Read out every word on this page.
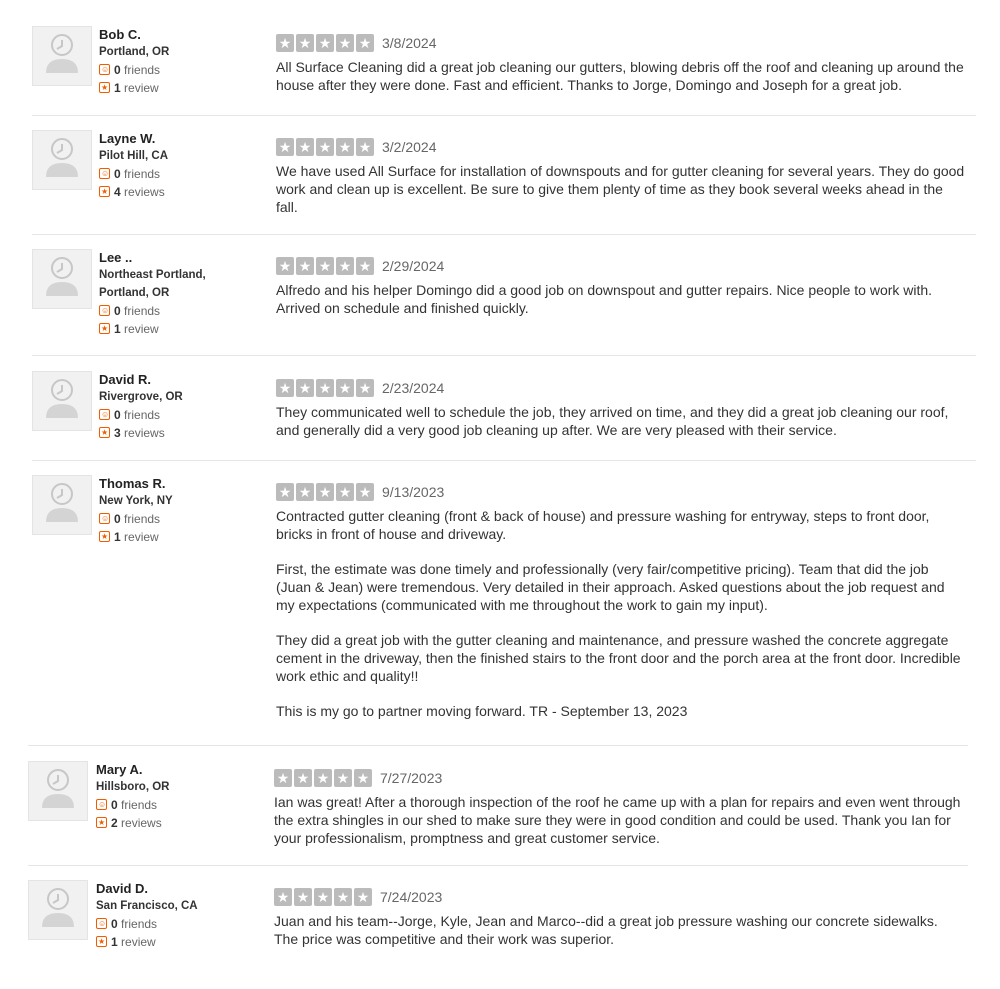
Bob C.
Portland, OR
☺ 0 friends
★ 1 review
★ ★ ★ ★ ★ 3/8/2024

All Surface Cleaning did a great job cleaning our gutters, blowing debris off the roof and cleaning up around the house after they were done. Fast and efficient. Thanks to Jorge, Domingo and Joseph for a great job.

Layne W.
Pilot Hill, CA
☺ 0 friends
★ 4 reviews
★ ★ ★ ★ ★ 3/2/2024

We have used All Surface for installation of downspouts and for gutter cleaning for several years. They do good work and clean up is excellent. Be sure to give them plenty of time as they book several weeks ahead in the fall.

Lee ..
Northeast Portland,
Portland, OR
☺ 0 friends
★ 1 review
★ ★ ★ ★ ★ 2/29/2024

Alfredo and his helper Domingo did a good job on downspout and gutter repairs. Nice people to work with. Arrived on schedule and finished quickly.

David R.
Rivergrove, OR
☺ 0 friends
★ 3 reviews
★ ★ ★ ★ ★ 2/23/2024

They communicated well to schedule the job, they arrived on time, and they did a great job cleaning our roof, and generally did a very good job cleaning up after. We are very pleased with their service.

Thomas R.
New York, NY
☺ 0 friends
★ 1 review
★ ★ ★ ★ ★ 9/13/2023

Contracted gutter cleaning (front & back of house) and pressure washing for entryway, steps to front door, bricks in front of house and driveway.

First, the estimate was done timely and professionally (very fair/competitive pricing). Team that did the job (Juan & Jean) were tremendous. Very detailed in their approach. Asked questions about the job request and my expectations (communicated with me throughout the work to gain my input).

They did a great job with the gutter cleaning and maintenance, and pressure washed the concrete aggregate cement in the driveway, then the finished stairs to the front door and the porch area at the front door. Incredible work ethic and quality!!

This is my go to partner moving forward. TR - September 13, 2023

Mary A.
Hillsboro, OR
☺ 0 friends
★ 2 reviews
★ ★ ★ ★ ★ 7/27/2023

Ian was great! After a thorough inspection of the roof he came up with a plan for repairs and even went through the extra shingles in our shed to make sure they were in good condition and could be used. Thank you Ian for your professionalism, promptness and great customer service.

David D.
San Francisco, CA
☺ 0 friends
★ 1 review
★ ★ ★ ★ ★ 7/24/2023

Juan and his team--Jorge, Kyle, Jean and Marco--did a great job pressure washing our concrete sidewalks. The price was competitive and their work was superior.
